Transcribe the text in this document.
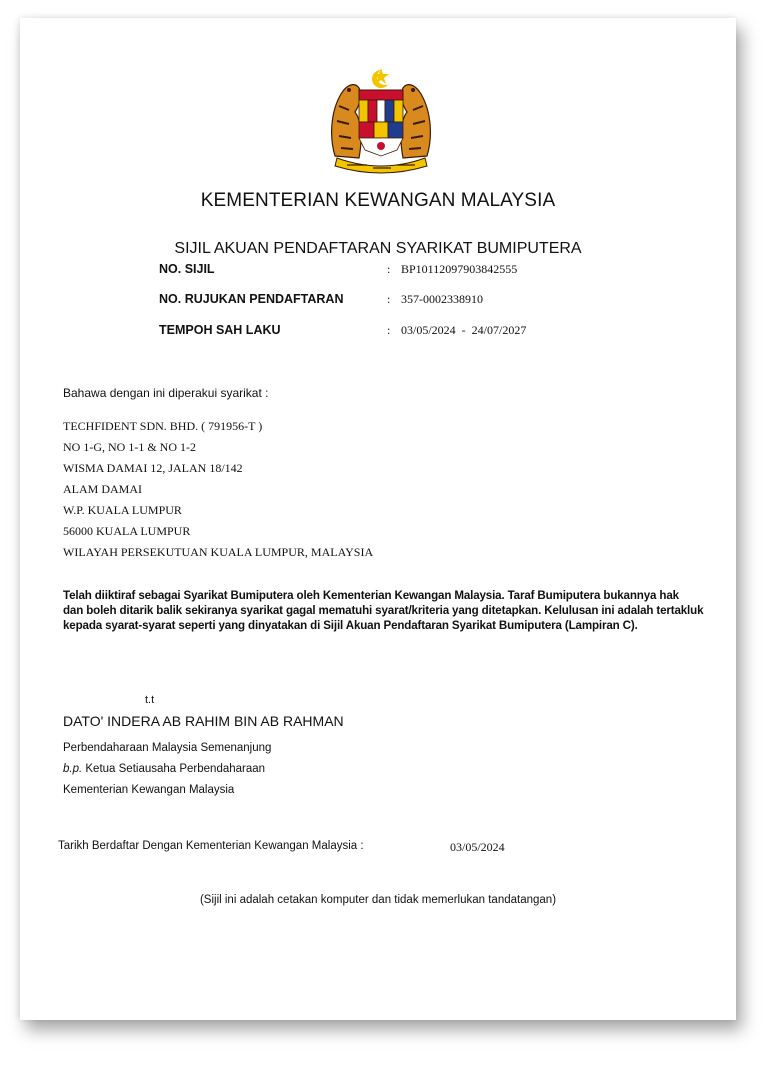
KEMENTERIAN KEWANGAN MALAYSIA
SIJIL AKUAN PENDAFTARAN SYARIKAT BUMIPUTERA
NO. SIJIL	: BP10112097903842555
NO. RUJUKAN PENDAFTARAN	: 357-0002338910
TEMPOH SAH LAKU	: 03/05/2024  -  24/07/2027
Bahawa dengan ini diperakui syarikat :
TECHFIDENT SDN. BHD. ( 791956-T )
NO 1-G, NO 1-1 & NO 1-2
WISMA DAMAI 12, JALAN 18/142
ALAM DAMAI
W.P. KUALA LUMPUR
56000 KUALA LUMPUR
WILAYAH PERSEKUTUAN KUALA LUMPUR, MALAYSIA
Telah diiktiraf sebagai Syarikat Bumiputera oleh Kementerian Kewangan Malaysia. Taraf Bumiputera bukannya hak
dan boleh ditarik balik sekiranya syarikat gagal mematuhi syarat/kriteria yang ditetapkan. Kelulusan ini adalah tertakluk
kepada syarat-syarat seperti yang dinyatakan di Sijil Akuan Pendaftaran Syarikat Bumiputera (Lampiran C).
t.t
DATO' INDERA AB RAHIM BIN AB RAHMAN
Perbendaharaan Malaysia Semenanjung
b.p. Ketua Setiausaha Perbendaharaan
Kementerian Kewangan Malaysia
Tarikh Berdaftar Dengan Kementerian Kewangan Malaysia :	03/05/2024
(Sijil ini adalah cetakan komputer dan tidak memerlukan tandatangan)
